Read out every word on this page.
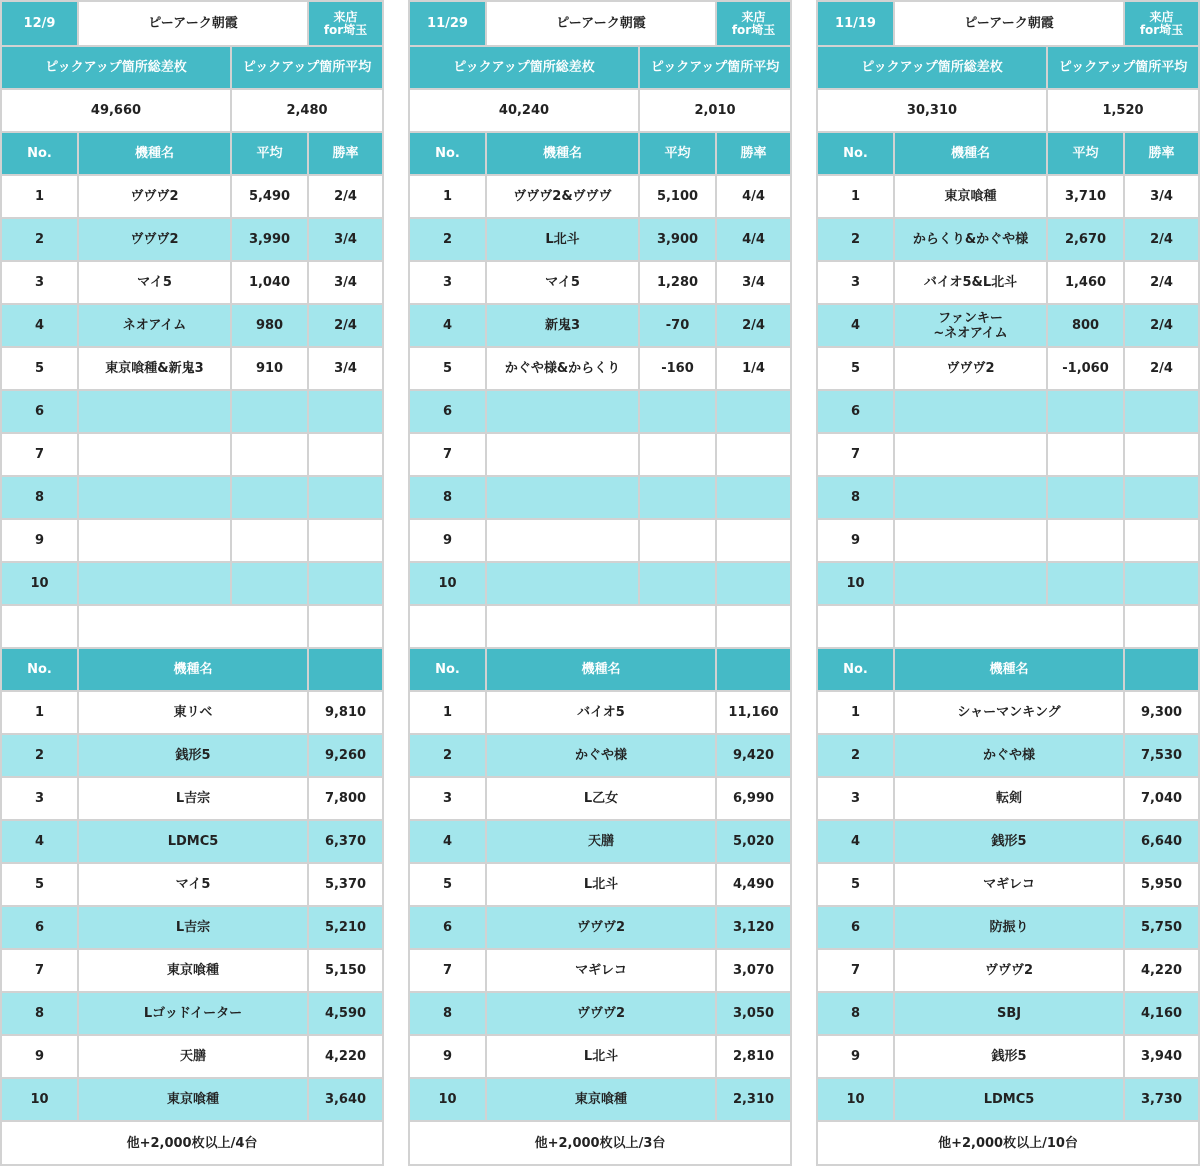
12/9	ピーアーク朝霞		来店
for埼玉
ピックアップ箇所総差枚		ピックアップ箇所平均	
49,660		2,480	
No.	機種名	平均	勝率
1	ヴヴヴ2	5,490	2/4
2	ヴヴヴ2	3,990	3/4
3	マイ5	1,040	3/4
4	ネオアイム	980	2/4
5	東京喰種&新鬼3	910	3/4
6			
7			
8			
9			
10			

No.	機種名		
1	東リベ		9,810
2	銭形5		9,260
3	L吉宗		7,800
4	LDMC5		6,370
5	マイ5		5,370
6	L吉宗		5,210
7	東京喰種		5,150
8	Lゴッドイーター		4,590
9	天膳		4,220
10	東京喰種		3,640
他+2,000枚以上/4台			
11/29	ピーアーク朝霞		来店
for埼玉
ピックアップ箇所総差枚		ピックアップ箇所平均	
40,240		2,010	
No.	機種名	平均	勝率
1	ヴヴヴ2&ヴヴヴ	5,100	4/4
2	L北斗	3,900	4/4
3	マイ5	1,280	3/4
4	新鬼3	-70	2/4
5	かぐや様&からくり	-160	1/4
6			
7			
8			
9			
10			

No.	機種名		
1	バイオ5		11,160
2	かぐや様		9,420
3	L乙女		6,990
4	天膳		5,020
5	L北斗		4,490
6	ヴヴヴ2		3,120
7	マギレコ		3,070
8	ヴヴヴ2		3,050
9	L北斗		2,810
10	東京喰種		2,310
他+2,000枚以上/3台			
11/19	ピーアーク朝霞		来店
for埼玉
ピックアップ箇所総差枚		ピックアップ箇所平均	
30,310		1,520	
No.	機種名	平均	勝率
1	東京喰種	3,710	3/4
2	からくり&かぐや様	2,670	2/4
3	バイオ5&L北斗	1,460	2/4
4	ファンキー
~ネオアイム	800	2/4
5	ヴヴヴ2	-1,060	2/4
6			
7			
8			
9			
10			

No.	機種名		
1	シャーマンキング		9,300
2	かぐや様		7,530
3	転剣		7,040
4	銭形5		6,640
5	マギレコ		5,950
6	防振り		5,750
7	ヴヴヴ2		4,220
8	SBJ		4,160
9	銭形5		3,940
10	LDMC5		3,730
他+2,000枚以上/10台			
